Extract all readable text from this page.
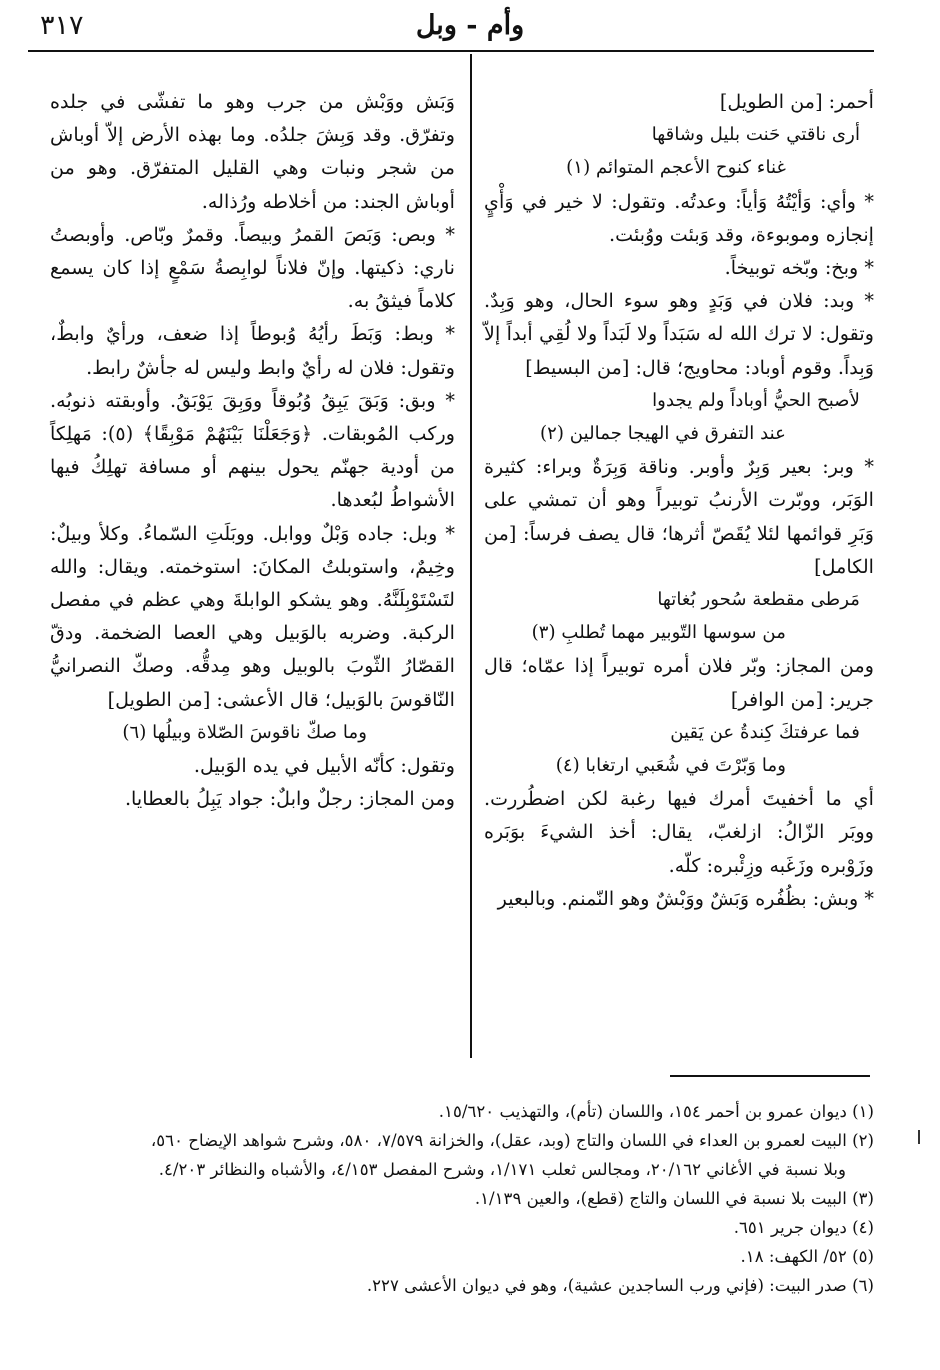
وأم - وبل
٣١٧

أحمر: [من الطويل]

أرى ناقتي حَنت بليل وشاقها
غناء كنوح الأعجم المتوائم (١)

* وأي: وَأيْتُهُ وَأياً: وعدتُه. وتقول: لا خير في وَأْيٍ إنجازه وموبوءة، وقد وَبئت ووُبئت.

* وبخ: وبّخه توبيخاً.

* وبد: فلان في وَبَدٍ وهو سوء الحال، وهو وَبِدٌ. وتقول: لا ترك الله له سَبَداً ولا لَبَداً ولا لُقِي أبداً إلاّ وَبِداً. وقوم أوباد: محاويج؛ قال: [من البسيط]

لأصبح الحيُّ أوباداً ولم يجدوا
عند التفرق في الهيجا جمالين (٢)

* وبر: بعير وَبِرٌ وأوبر. وناقة وَبِرَةٌ وبراء: كثيرة الوَبَر، ووبّرت الأرنبُ توبيراً وهو أن تمشي على وَبَرِ قوائمها لئلا يُقَصّ أثرها؛ قال يصف فرساً: [من الكامل]

مَرطى مقطعة سُحور بُغاتها
من سوسها التّوبير مهما تُطلبِ (٣)

ومن المجاز: وبّر فلان أمره توبيراً إذا عمّاه؛ قال جرير: [من الوافر]

فما عرفتكَ كِندةُ عن يَقين
وما وَبّرْتَ في شُعَبي ارتغابا (٤)

أي ما أخفيتَ أمرك فيها رغبة لكن اضطُررت. ووبَر الزّالُ: ازلغبّ، يقال: أخذ الشيءَ بوَبَره وزَوْبره وزَغَبه وزِئْبره: كلّه.

* وبش: بظُفُره وَبَشٌ ووَبْشٌ وهو النّمنم. وبالبعير

وَبَش ووَبْش من جرب وهو ما تفشّى في جلده وتفرّق. وقد وَبِشَ جلدُه. وما بهذه الأرض إلاّ أوباش من شجر ونبات وهي القليل المتفرّق. وهو من أوباش الجند: من أخلاطه ورُذاله.

* وبص: وَبَصَ القمرُ وبيصاً. وقمرٌ وبّاص. وأوبصتُ ناري: ذكيتها. وإنّ فلاناً لوابِصةُ سَمْعٍ إذا كان يسمع كلاماً فيثقُ به.

* وبط: وَبَطَ رأيُهُ وُبوطاً إذا ضعف، ورأيٌ وابطٌ، وتقول: فلان له رأيٌ وابط وليس له جأشٌ رابط.

* وبق: وَبَقَ يَبِقُ وُبُوقاً ووَبِقَ يَوْبَقُ. وأوبقته ذنوبُه. وركب المُوبقات. ﴿وَجَعَلْنَا بَيْنَهُمْ مَوْبِقًا﴾ (٥): مَهلِكاً من أودية جهنّم يحول بينهم أو مسافة تهلِكُ فيها الأشواطُ لبُعدها.

* وبل: جاده وَبْلٌ ووابل. ووبَلَتِ السّماءُ. وكلأ وبيلٌ: وخِيمٌ، واستوبلتُ المكانَ: استوخمته. ويقال: والله لتَسْتَوْبِلَنَّهُ. وهو يشكو الوابلةَ وهي عظم في مفصل الركبة. وضربه بالوَبيل وهي العصا الضخمة. ودقّ القصّارُ الثّوبَ بالوبيل وهو مِدقُّه. وصكّ النصرانيُّ النّاقوسَ بالوَبيل؛ قال الأعشى: [من الطويل]

وما صكّ ناقوسَ الصّلاة وبيلُها (٦)

وتقول: كأنّه الأبيل في يده الوَبيل.

ومن المجاز: رجلٌ وابلٌ: جواد يَبِلُ بالعطايا.

(١) ديوان عمرو بن أحمر ١٥٤، واللسان (تأم)، والتهذيب ١٥/٦٢٠.

(٢) البيت لعمرو بن العداء في اللسان والتاج (وبد، عقل)، والخزانة ٧/٥٧٩، ٥٨٠، وشرح شواهد الإيضاح ٥٦٠،

وبلا نسبة في الأغاني ٢٠/١٦٢، ومجالس ثعلب ١/١٧١، وشرح المفصل ٤/١٥٣، والأشباه والنظائر ٤/٢٠٣.

(٣) البيت بلا نسبة في اللسان والتاج (قطع)، والعين ١/١٣٩.

(٤) ديوان جرير ٦٥١.

(٥) ٥٢/ الكهف: ١٨.

(٦) صدر البيت: (فإني ورب الساجدين عشية)، وهو في ديوان الأعشى ٢٢٧.
